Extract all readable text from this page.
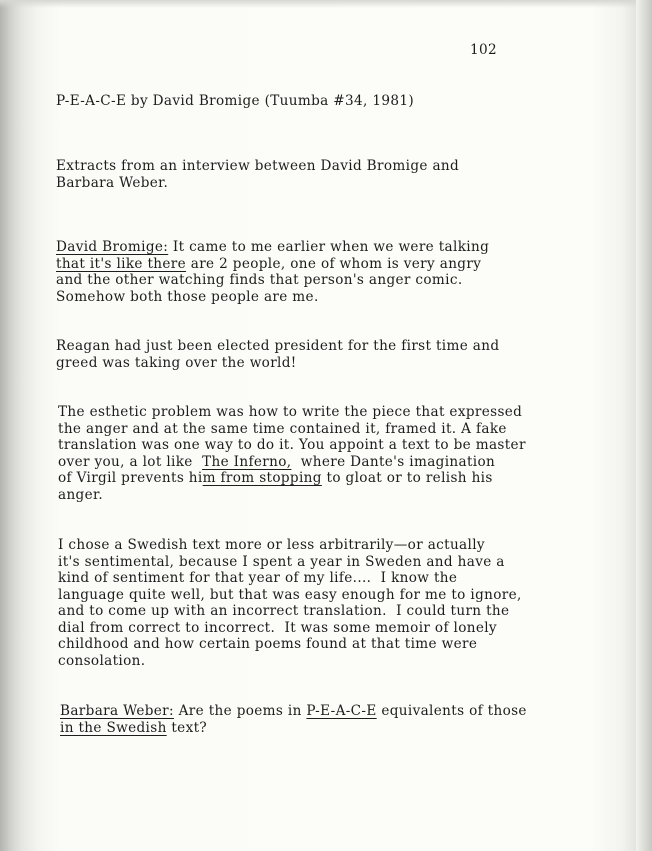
102
P-E-A-C-E by David Bromige (Tuumba #34, 1981)
Extracts from an interview between David Bromige and
Barbara Weber.
David Bromige: It came to me earlier when we were talking
that it's like there are 2 people, one of whom is very angry
and the other watching finds that person's anger comic.
Somehow both those people are me.
Reagan had just been elected president for the first time and
greed was taking over the world!
The esthetic problem was how to write the piece that expressed
the anger and at the same time contained it, framed it. A fake
translation was one way to do it. You appoint a text to be master
over you, a lot like  The Inferno,  where Dante's imagination
of Virgil prevents him from stopping to gloat or to relish his
anger.
I chose a Swedish text more or less arbitrarily—or actually
it's sentimental, because I spent a year in Sweden and have a
kind of sentiment for that year of my life....  I know the
language quite well, but that was easy enough for me to ignore,
and to come up with an incorrect translation.  I could turn the
dial from correct to incorrect.  It was some memoir of lonely
childhood and how certain poems found at that time were
consolation.
Barbara Weber: Are the poems in P-E-A-C-E equivalents of those
in the Swedish text?
